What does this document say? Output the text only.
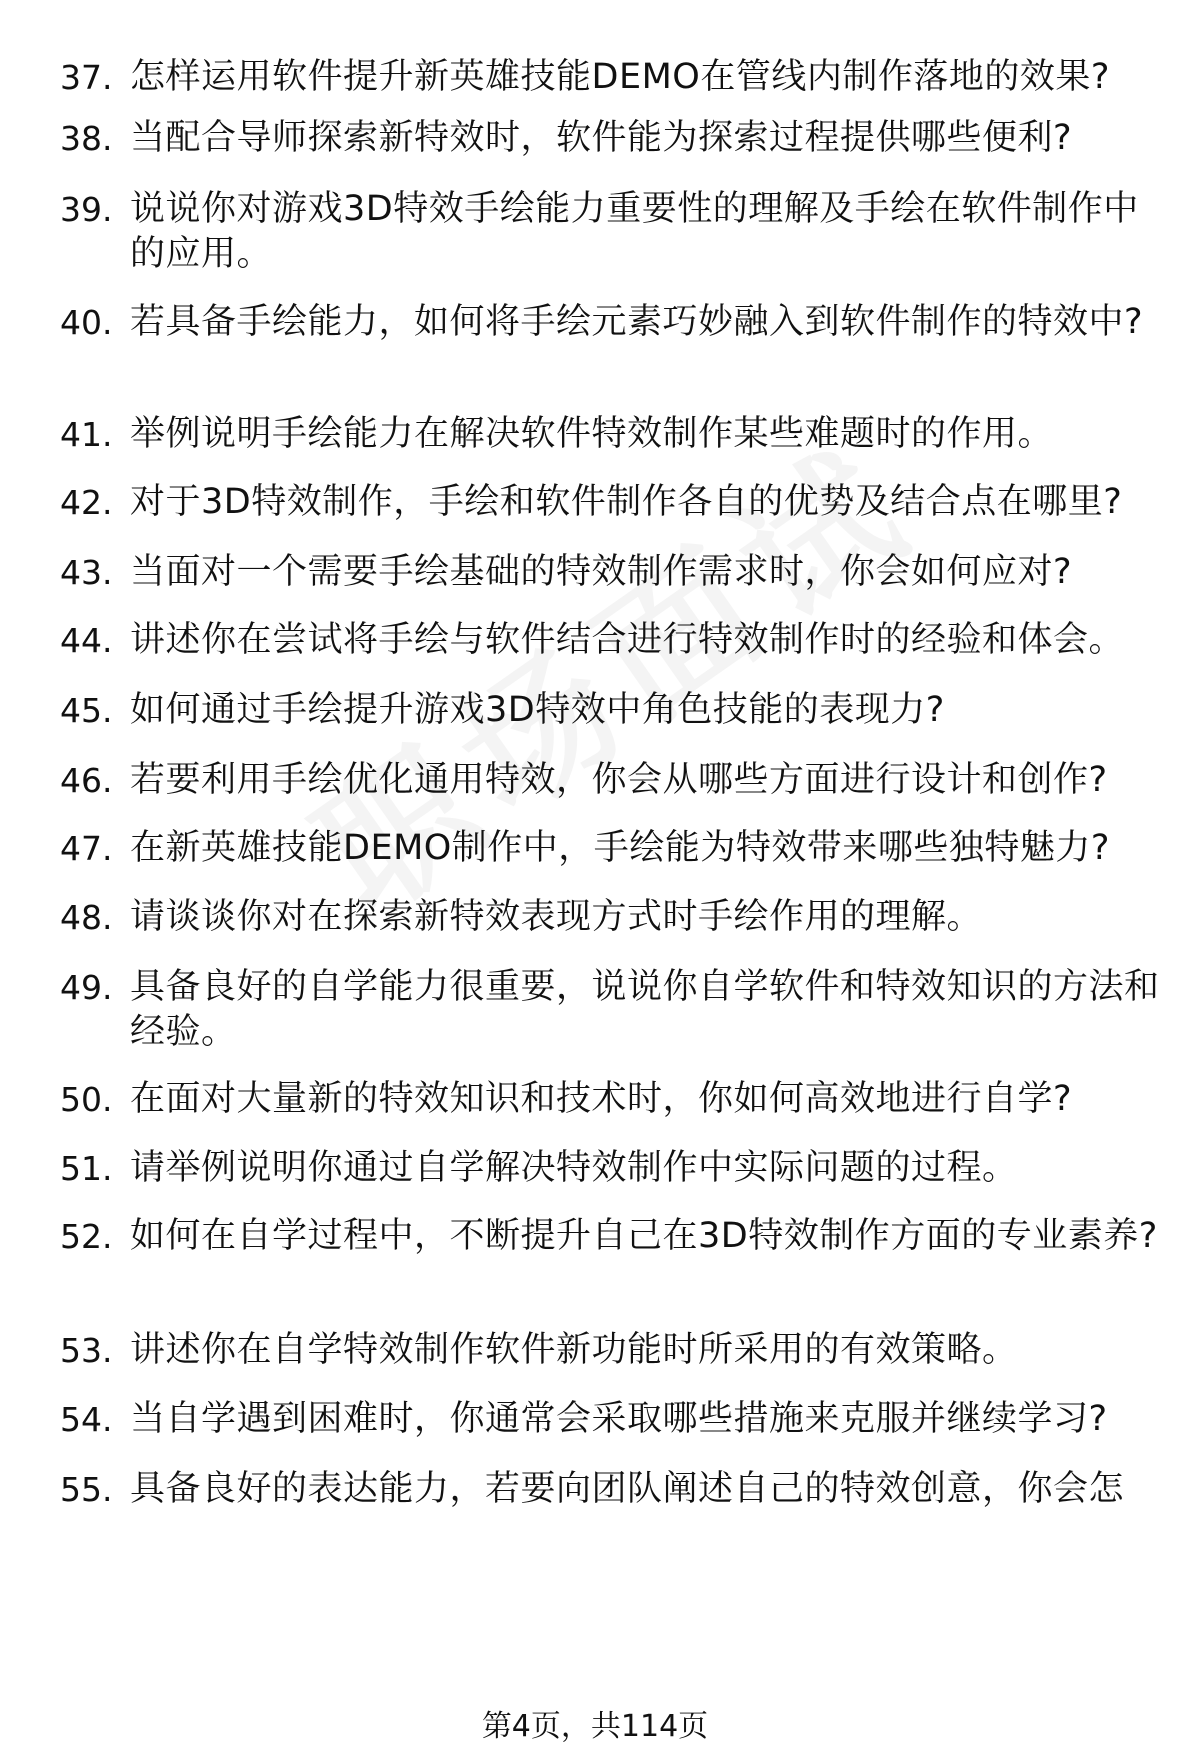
37. 怎样运用软件提升新英雄技能DEMO在管线内制作落地的效果?
38. 当配合导师探索新特效时，软件能为探索过程提供哪些便利?
39. 说说你对游戏3D特效手绘能力重要性的理解及手绘在软件制作中的应用。
40. 若具备手绘能力，如何将手绘元素巧妙融入到软件制作的特效中?
41. 举例说明手绘能力在解决软件特效制作某些难题时的作用。
42. 对于3D特效制作，手绘和软件制作各自的优势及结合点在哪里?
43. 当面对一个需要手绘基础的特效制作需求时，你会如何应对?
44. 讲述你在尝试将手绘与软件结合进行特效制作时的经验和体会。
45. 如何通过手绘提升游戏3D特效中角色技能的表现力?
46. 若要利用手绘优化通用特效，你会从哪些方面进行设计和创作?
47. 在新英雄技能DEMO制作中，手绘能为特效带来哪些独特魅力?
48. 请谈谈你对在探索新特效表现方式时手绘作用的理解。
49. 具备良好的自学能力很重要，说说你自学软件和特效知识的方法和经验。
50. 在面对大量新的特效知识和技术时，你如何高效地进行自学?
51. 请举例说明你通过自学解决特效制作中实际问题的过程。
52. 如何在自学过程中，不断提升自己在3D特效制作方面的专业素养?
53. 讲述你在自学特效制作软件新功能时所采用的有效策略。
54. 当自学遇到困难时，你通常会采取哪些措施来克服并继续学习?
55. 具备良好的表达能力，若要向团队阐述自己的特效创意，你会怎
第4页，共114页
